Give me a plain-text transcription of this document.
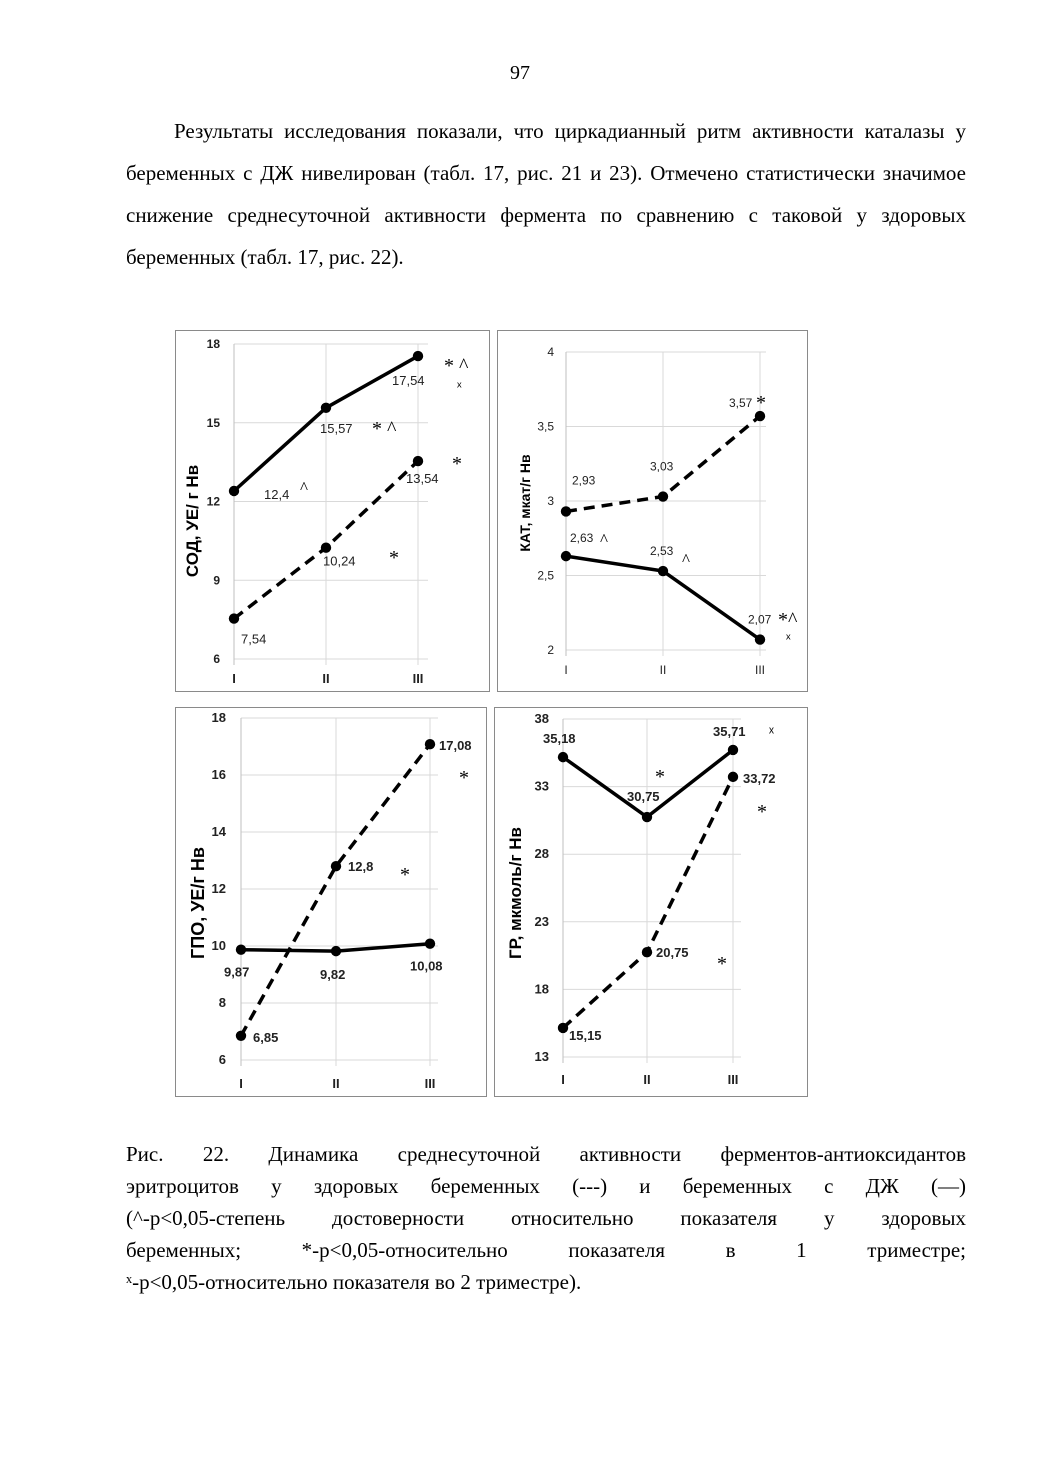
97

Результаты исследования показали, что циркадианный ритм активности каталазы у беременных с ДЖ нивелирован (табл. 17, рис. 21 и 23). Отмечено статистически значимое снижение среднесуточной активности фермента по сравнению с таковой у здоровых беременных (табл. 17, рис. 22).

СОД, УЕ/ г Нв
6
9
12
15
18
I	II	III
12,4
15,57
17,54
7,54
10,24
13,54
^
* ^
* ^
ˣ
*
*
КАТ, мкат/г Нв
2
2,5
3
3,5
4
I	II	III
2,63
2,53
2,07
2,93
3,03
3,57
^
^
*^
ˣ
*
ГПО, УЕ/г Нв
6
8
10
12
14
16
18
I	II	III
9,87	9,82
10,08
6,85
12,8
17,08
*
*	ГР, мкмоль/г Нв
13
18
23
28
33
38
I	II	III
35,18
30,75
35,71
15,15
20,75
33,72
*
ˣ
*
*
Рис. 22. Динамика среднесуточной активности ферментов-антиоксидантов
эритроцитов у здоровых беременных (---) и беременных с ДЖ (—)
(^-р<0,05-степень достоверности относительно показателя у здоровых
беременных; *-р<0,05-относительно показателя в 1 триместре;
ˣ-р<0,05-относительно показателя во 2 триместре).
